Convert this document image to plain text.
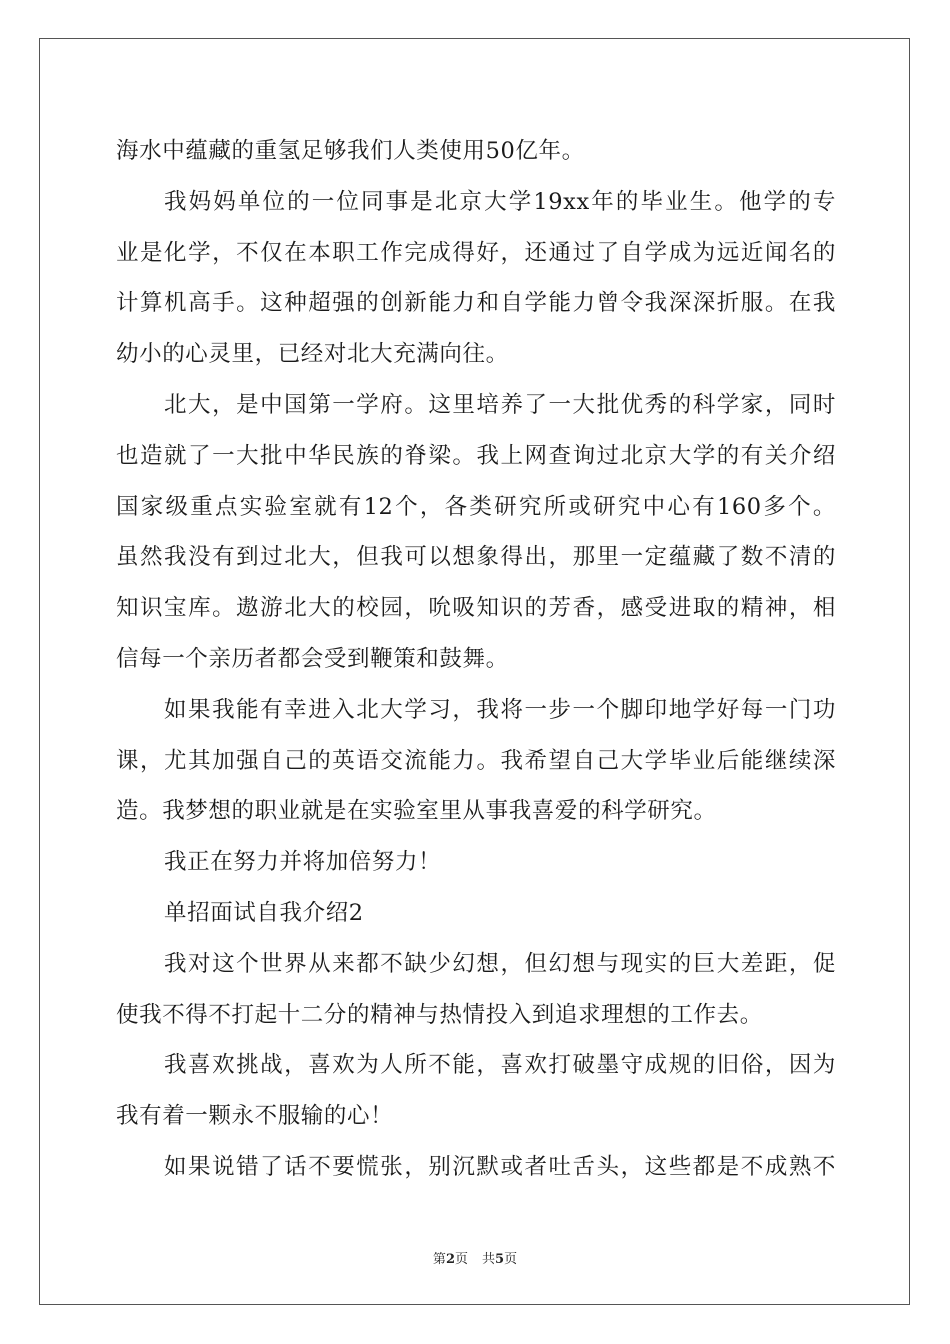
海水中蕴藏的重氢足够我们人类使用50亿年。
我妈妈单位的一位同事是北京大学19xx年的毕业生。他学的专
业是化学，不仅在本职工作完成得好，还通过了自学成为远近闻名的
计算机高手。这种超强的创新能力和自学能力曾令我深深折服。在我
幼小的心灵里，已经对北大充满向往。
北大，是中国第一学府。这里培养了一大批优秀的科学家，同时
也造就了一大批中华民族的脊梁。我上网查询过北京大学的有关介绍
国家级重点实验室就有12个，各类研究所或研究中心有160多个。
虽然我没有到过北大，但我可以想象得出，那里一定蕴藏了数不清的
知识宝库。遨游北大的校园，吮吸知识的芳香，感受进取的精神，相
信每一个亲历者都会受到鞭策和鼓舞。
如果我能有幸进入北大学习，我将一步一个脚印地学好每一门功
课，尤其加强自己的英语交流能力。我希望自己大学毕业后能继续深
造。我梦想的职业就是在实验室里从事我喜爱的科学研究。
我正在努力并将加倍努力！
单招面试自我介绍2
我对这个世界从来都不缺少幻想，但幻想与现实的巨大差距，促
使我不得不打起十二分的精神与热情投入到追求理想的工作去。
我喜欢挑战，喜欢为人所不能，喜欢打破墨守成规的旧俗，因为
我有着一颗永不服输的心！
如果说错了话不要慌张，别沉默或者吐舌头，这些都是不成熟不
第2页 共5页
